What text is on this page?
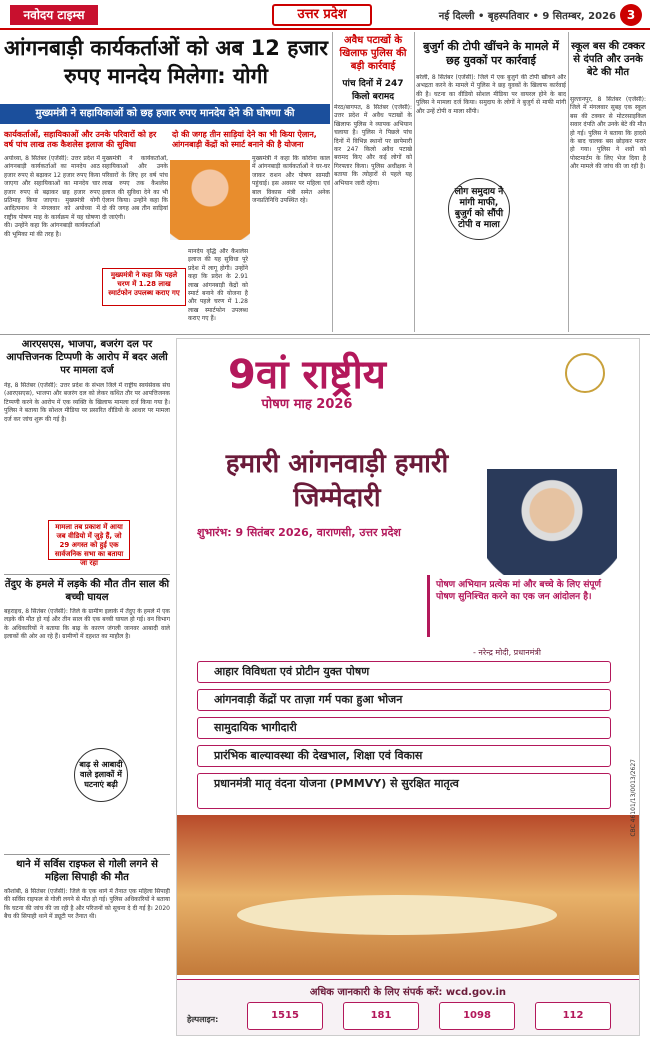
नवोदय टाइम्स	उत्तर प्रदेश	नई दिल्ली • बृहस्पतिवार • 9 सितम्बर, 2026 3
आंगनबाड़ी कार्यकर्ताओं को अब 12 हजार रुपए मानदेय मिलेगा: योगी
मुख्यमंत्री ने सहायिकाओं को छह हजार रुपए मानदेय देने की घोषणा की
कार्यकर्ताओं, सहायिकाओं और उनके परिवारों को हर वर्ष पांच लाख तक कैशलेस इलाज की सुविधा
दो की जगह तीन साड़ियां देने का भी किया ऐलान, आंगनबाड़ी केंद्रों को स्मार्ट बनाने की है योजना
अयोध्या, 8 सितंबर (एजेंसी): उत्तर प्रदेश में आंगनबाड़ी कार्यकर्ताओं का मानदेय आठ हजार रुपए से बढ़ाकर 12 हजार रुपए किया जाएगा और सहायिकाओं का मानदेय चार हजार रुपए से बढ़ाकर छह हजार रुपए प्रतिमाह किया जाएगा। मुख्यमंत्री योगी आदित्यनाथ ने मंगलवार को अयोध्या में राष्ट्रीय पोषण माह के कार्यक्रम में यह घोषणा की। उन्होंने कहा कि आंगनबाड़ी कार्यकर्ताओं की भूमिका मां की तरह है।
मुख्यमंत्री ने कार्यकर्ताओं, सहायिकाओं और उनके परिवारों के लिए हर वर्ष पांच लाख रुपए तक कैशलेस इलाज की सुविधा देने का भी ऐलान किया। उन्होंने कहा कि दो की जगह अब तीन साड़ियां दी जाएंगी।
मुख्यमंत्री ने कहा कि पहले चरण में 1.28 लाख स्मार्टफोन उपलब्ध कराए गए
मानदेय वृद्धि और कैशलेस इलाज की यह सुविधा पूरे प्रदेश में लागू होगी। उन्होंने कहा कि प्रदेश के 2.91 लाख आंगनबाड़ी केंद्रों को स्मार्ट बनाने की योजना है और पहले चरण में 1.28 लाख स्मार्टफोन उपलब्ध कराए गए हैं।
मुख्यमंत्री ने कहा कि कोरोना काल में आंगनबाड़ी कार्यकर्ताओं ने घर-घर जाकर राशन और पोषण सामग्री पहुंचाई। इस अवसर पर महिला एवं बाल विकास मंत्री समेत अनेक जनप्रतिनिधि उपस्थित रहे।
अवैध पटाखों के खिलाफ पुलिस की बड़ी कार्रवाई
पांच दिनों में 247 किलो बरामद
मेरठ/बागपत, 8 सितंबर (एजेंसी): उत्तर प्रदेश में अवैध पटाखों के खिलाफ पुलिस ने व्यापक अभियान चलाया है। पुलिस ने पिछले पांच दिनों में विभिन्न स्थानों पर छापेमारी कर 247 किलो अवैध पटाखे बरामद किए और कई लोगों को गिरफ्तार किया। पुलिस अधीक्षक ने बताया कि त्योहारों से पहले यह अभियान जारी रहेगा।
बुजुर्ग की टोपी खींचने के मामले में छह युवकों पर कार्रवाई
बरेली, 8 सितंबर (एजेंसी): जिले में एक बुजुर्ग की टोपी खींचने और अभद्रता करने के मामले में पुलिस ने छह युवकों के खिलाफ कार्रवाई की है। घटना का वीडियो सोशल मीडिया पर वायरल होने के बाद पुलिस ने मामला दर्ज किया। समुदाय के लोगों ने बुजुर्ग से माफी मांगी और उन्हें टोपी व माला सौंपी।
लोग समुदाय ने मांगी माफी, बुजुर्ग को सौंपी टोपी व माला
स्कूल बस की टक्कर से दंपति और उनके बेटे की मौत
सुल्तानपुर, 8 सितंबर (एजेंसी): जिले में मंगलवार सुबह एक स्कूल बस की टक्कर से मोटरसाइकिल सवार दंपति और उनके बेटे की मौत हो गई। पुलिस ने बताया कि हादसे के बाद चालक बस छोड़कर फरार हो गया। पुलिस ने शवों को पोस्टमार्टम के लिए भेज दिया है और मामले की जांच की जा रही है।
आरएसएस, भाजपा, बजरंग दल पर आपत्तिजनक टिप्पणी के आरोप में बदर अली पर मामला दर्ज
नेह, 8 सितंबर (एजेंसी): उत्तर प्रदेश के संभल जिले में राष्ट्रीय स्वयंसेवक संघ (आरएसएस), भाजपा और बजरंग दल को लेकर कथित तौर पर आपत्तिजनक टिप्पणी करने के आरोप में एक व्यक्ति के खिलाफ मामला दर्ज किया गया है। पुलिस ने बताया कि सोशल मीडिया पर प्रसारित वीडियो के आधार पर मामला दर्ज कर जांच शुरू की गई है।
मामला तब प्रकाश में आया जब वीडियो में जुड़े हैं, जो 29 अगस्त को हुई एक सार्वजनिक सभा का बताया जा रहा
तेंदुए के हमले में लड़के की मौत तीन साल की बच्ची घायल
बहराइच, 8 सितंबर (एजेंसी): जिले के ग्रामीण इलाके में तेंदुए के हमले में एक लड़के की मौत हो गई और तीन साल की एक बच्ची घायल हो गई। वन विभाग के अधिकारियों ने बताया कि बाढ़ के कारण जंगली जानवर आबादी वाले इलाकों की ओर आ रहे हैं। ग्रामीणों में दहशत का माहौल है।
बाढ़ से आबादी वाले इलाकों में घटनाएं बढ़ी
थाने में सर्विस राइफल से गोली लगने से महिला सिपाही की मौत
कौशांबी, 8 सितंबर (एजेंसी): जिले के एक थाने में तैनात एक महिला सिपाही की सर्विस राइफल से गोली लगने से मौत हो गई। पुलिस अधिकारियों ने बताया कि घटना की जांच की जा रही है और परिजनों को सूचना दे दी गई है। 2020 बैच की सिपाही थाने में ड्यूटी पर तैनात थी।
9वां राष्ट्रीय
पोषण माह 2026
हमारी आंगनवाड़ी हमारी जिम्मेदारी
शुभारंभ: 9 सितंबर 2026, वाराणसी, उत्तर प्रदेश
पोषण अभियान प्रत्येक मां और बच्चे के लिए संपूर्ण पोषण सुनिश्चित करने का एक जन आंदोलन है।
- नरेन्द्र मोदी, प्रधानमंत्री
आहार विविधता एवं प्रोटीन युक्त पोषण
आंगनवाड़ी केंद्रों पर ताज़ा गर्म पका हुआ भोजन
सामुदायिक भागीदारी
प्रारंभिक बाल्यावस्था की देखभाल, शिक्षा एवं विकास
प्रधानमंत्री मातृ वंदना योजना (PMMVY) से सुरक्षित मातृत्व	CBC 46101/13/0013/2627
अधिक जानकारी के लिए संपर्क करें: wcd.gov.in
हेल्पलाइन:	1515	181	1098	112
